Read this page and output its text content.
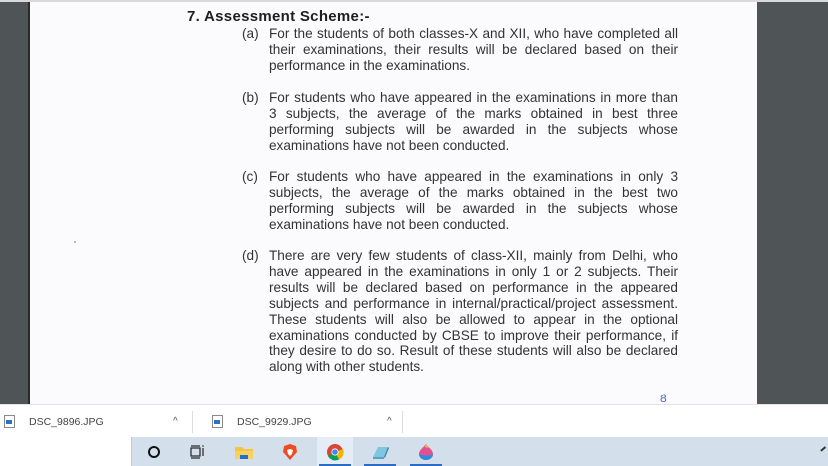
7. Assessment Scheme:-
(a) For the students of both classes-X and XII, who have completed all their examinations, their results will be declared based on their performance in the examinations.
(b) For students who have appeared in the examinations in more than 3 subjects, the average of the marks obtained in best three performing subjects will be awarded in the subjects whose examinations have not been conducted.
(c) For students who have appeared in the examinations in only 3 subjects, the average of the marks obtained in the best two performing subjects will be awarded in the subjects whose examinations have not been conducted.
(d) There are very few students of class-XII, mainly from Delhi, who have appeared in the examinations in only 1 or 2 subjects. Their results will be declared based on performance in the appeared subjects and performance in internal/practical/project assessment. These students will also be allowed to appear in the optional examinations conducted by CBSE to improve their performance, if they desire to do so. Result of these students will also be declared along with other students.
Ȣ
DSC_9896.JPG	^	DSC_9929.JPG	^
